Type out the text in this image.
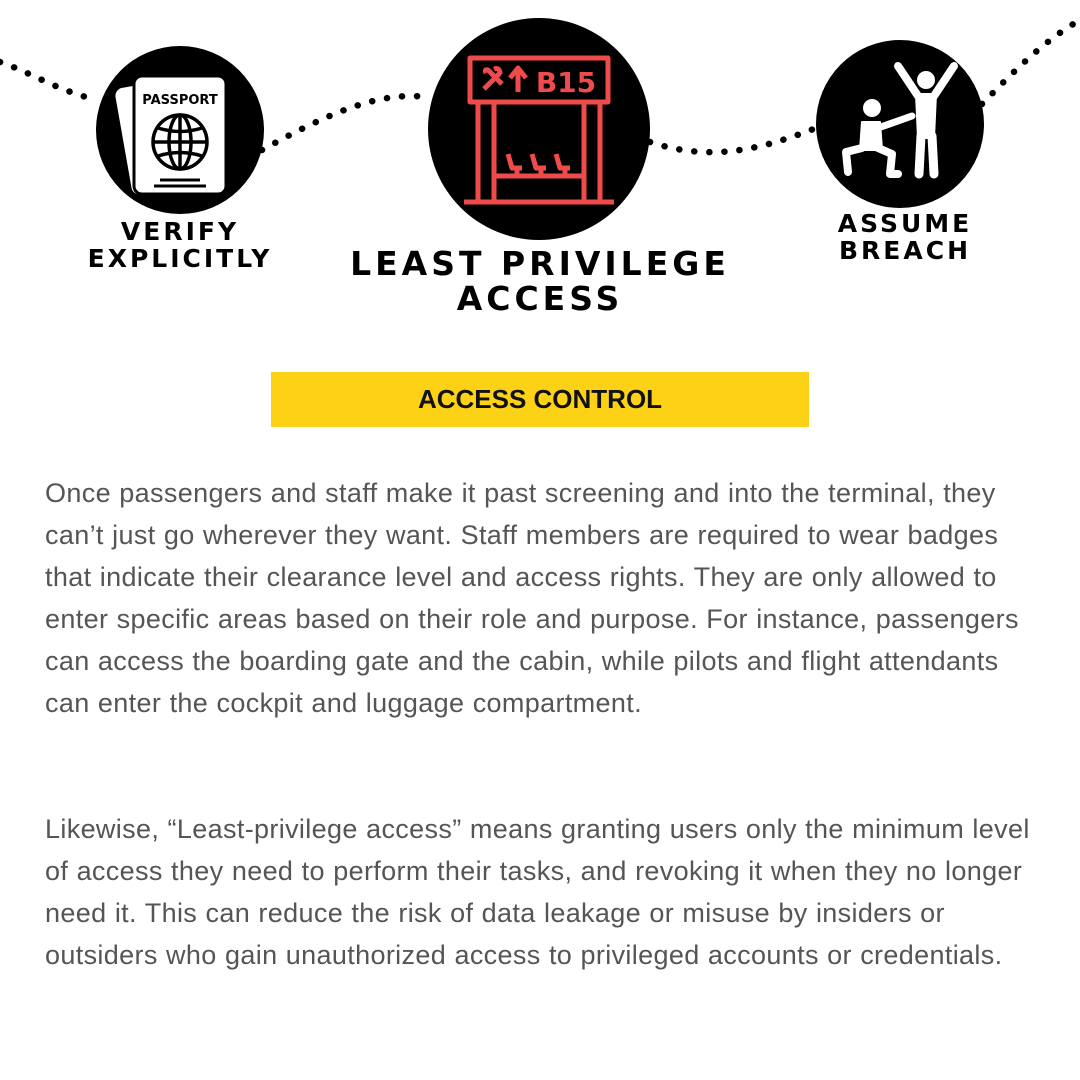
PASSPORT
VERIFY
EXPLICITLY
B15
LEAST PRIVILEGE
ACCESS
ASSUME
BREACH
ACCESS CONTROL

Once passengers and staff make it past screening and into the terminal, they can’t just go wherever they want. Staff members are required to wear badges that indicate their clearance level and access rights. They are only allowed to enter specific areas based on their role and purpose. For instance, passengers can access the boarding gate and the cabin, while pilots and flight attendants can enter the cockpit and luggage compartment.

Likewise, “Least-privilege access” means granting users only the minimum level of access they need to perform their tasks, and revoking it when they no longer need it. This can reduce the risk of data leakage or misuse by insiders or outsiders who gain unauthorized access to privileged accounts or credentials.
